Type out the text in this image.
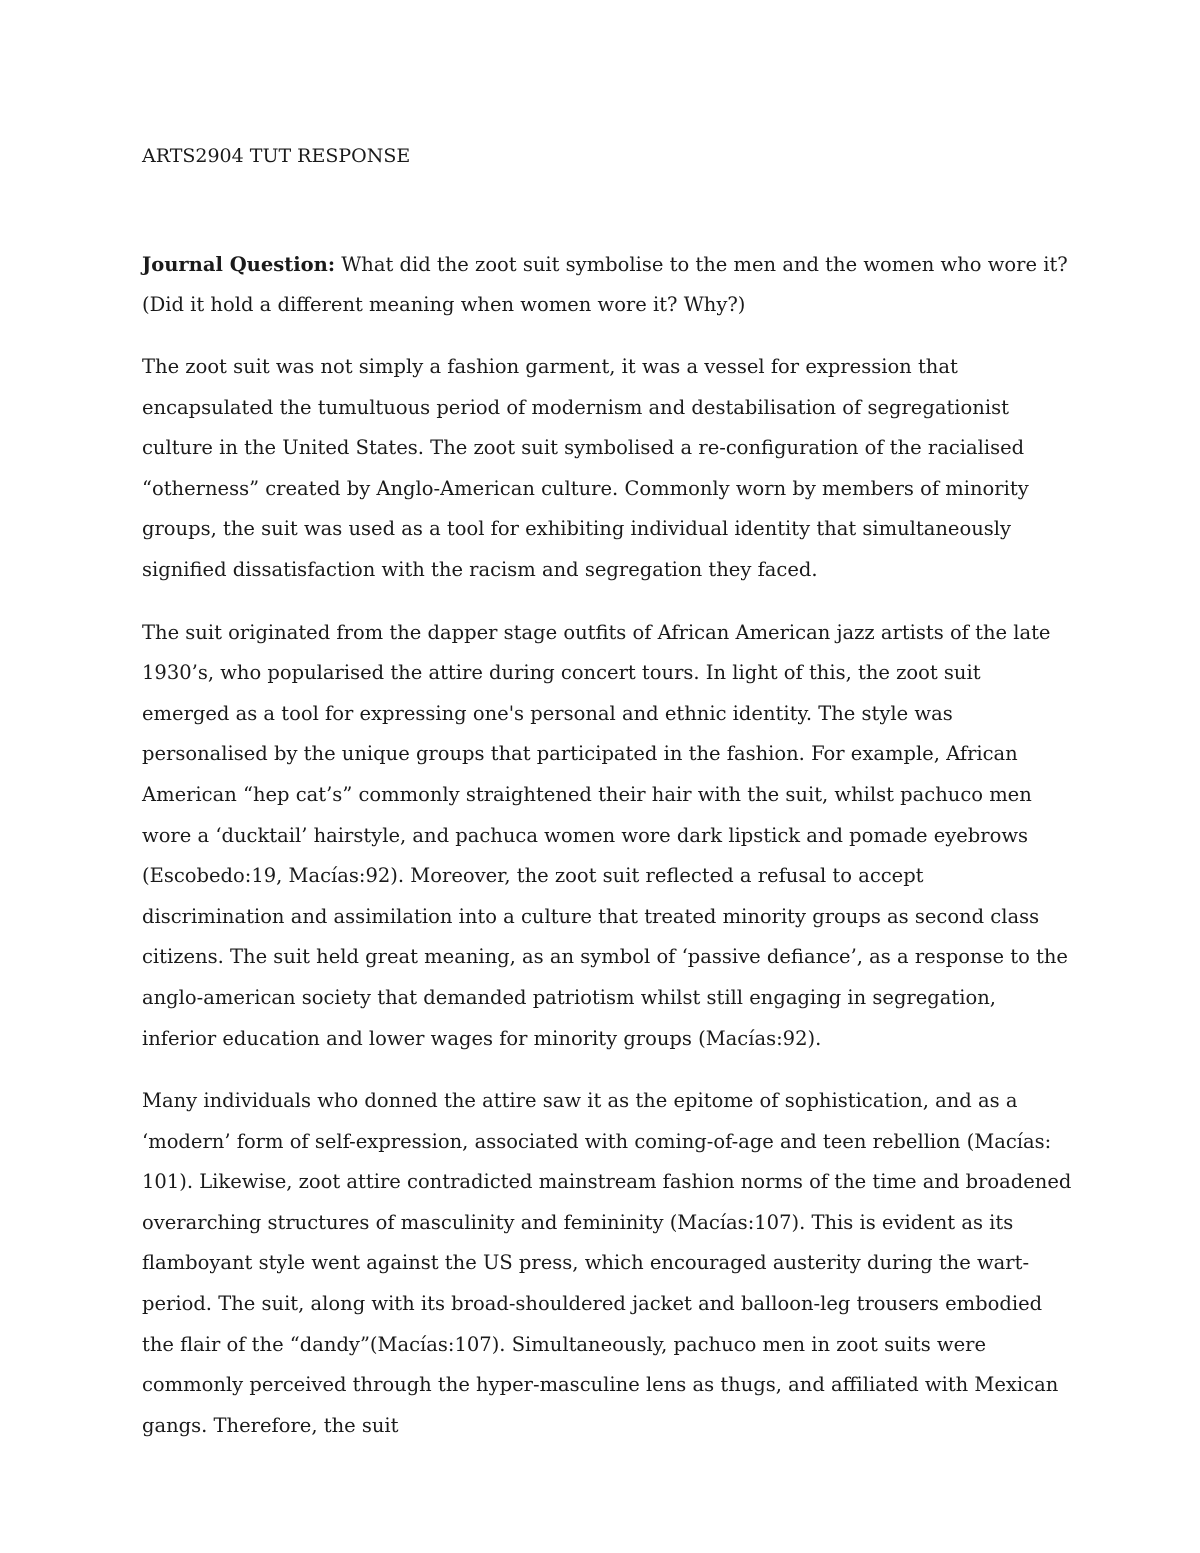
ARTS2904 TUT RESPONSE

Journal Question: What did the zoot suit symbolise to the men and the women who wore it? (Did it hold a different meaning when women wore it? Why?)

The zoot suit was not simply a fashion garment, it was a vessel for expression that encapsulated the tumultuous period of modernism and destabilisation of segregationist culture in the United States. The zoot suit symbolised a re-configuration of the racialised “otherness” created by Anglo-American culture. Commonly worn by members of minority groups, the suit was used as a tool for exhibiting individual identity that simultaneously signified dissatisfaction with the racism and segregation they faced.

The suit originated from the dapper stage outfits of African American jazz artists of the late 1930’s, who popularised the attire during concert tours. In light of this, the zoot suit emerged as a tool for expressing one's personal and ethnic identity. The style was personalised by the unique groups that participated in the fashion. For example, African American “hep cat’s” commonly straightened their hair with the suit, whilst pachuco men wore a ‘ducktail’ hairstyle, and pachuca women wore dark lipstick and pomade eyebrows (Escobedo:19, Macías:92). Moreover, the zoot suit reflected a refusal to accept discrimination and assimilation into a culture that treated minority groups as second class citizens. The suit held great meaning, as an symbol of ‘passive defiance’, as a response to the anglo-american society that demanded patriotism whilst still engaging in segregation, inferior education and lower wages for minority groups (Macías:92).

Many individuals who donned the attire saw it as the epitome of sophistication, and as a ‘modern’ form of self-expression, associated with coming-of-age and teen rebellion (Macías: 101). Likewise, zoot attire contradicted mainstream fashion norms of the time and broadened overarching structures of masculinity and femininity (Macías:107). This is evident as its flamboyant style went against the US press, which encouraged austerity during the wart-period. The suit, along with its broad-shouldered jacket and balloon-leg trousers embodied the flair of the “dandy”(Macías:107). Simultaneously, pachuco men in zoot suits were commonly perceived through the hyper-masculine lens as thugs, and affiliated with Mexican gangs. Therefore, the suit
